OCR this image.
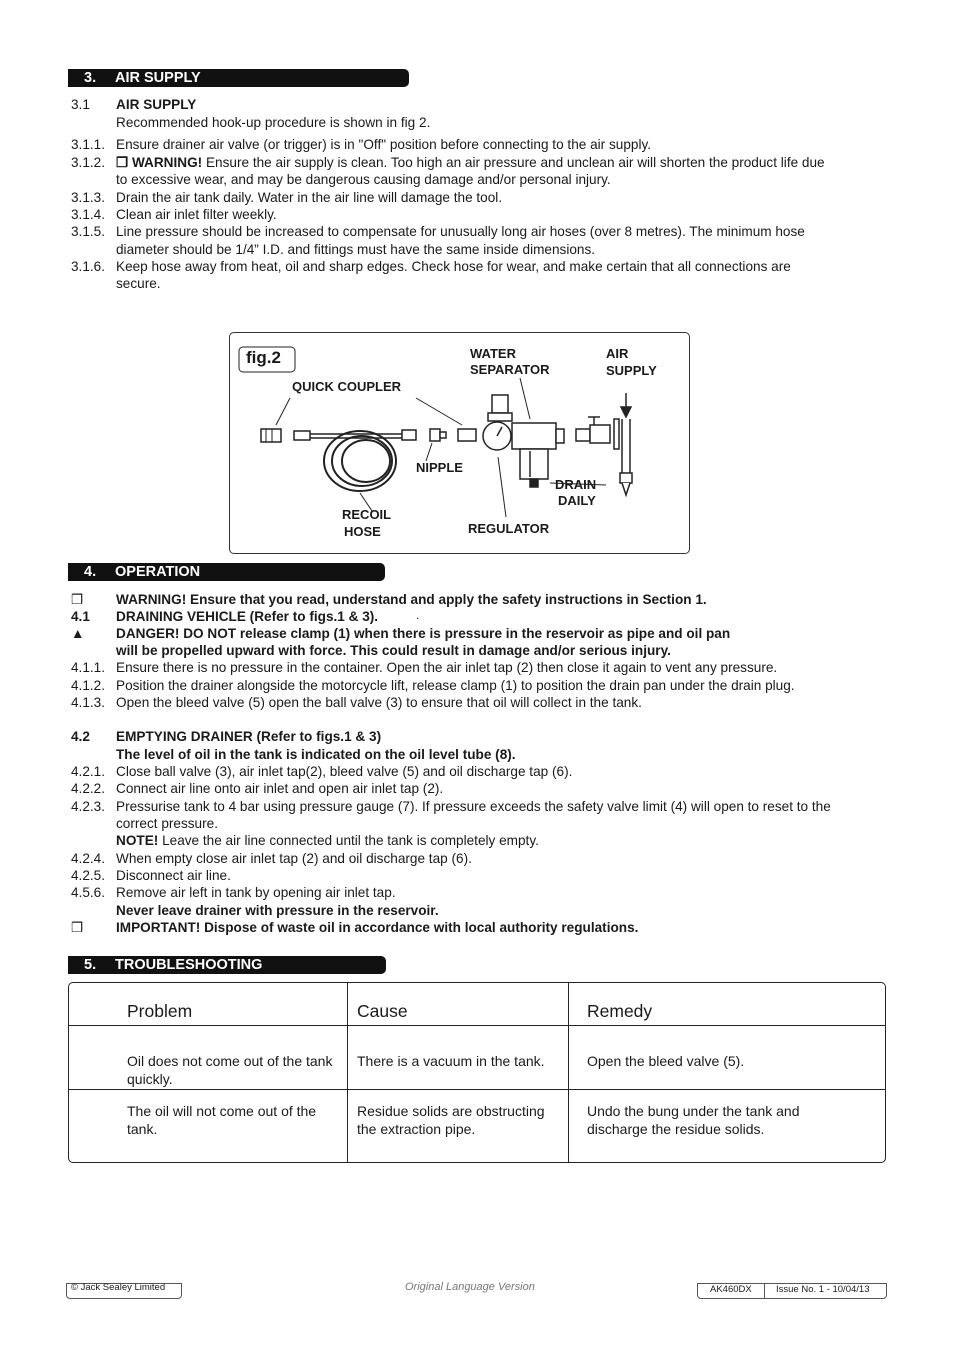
3. AIR SUPPLY
3.1 AIR SUPPLY
Recommended hook-up procedure is shown in fig 2.
3.1.1. Ensure drainer air valve (or trigger) is in "Off" position before connecting to the air supply.
3.1.2. ❒ WARNING! Ensure the air supply is clean. Too high an air pressure and unclean air will shorten the product life due
to excessive wear, and may be dangerous causing damage and/or personal injury.
3.1.3. Drain the air tank daily. Water in the air line will damage the tool.
3.1.4. Clean air inlet filter weekly.
3.1.5. Line pressure should be increased to compensate for unusually long air hoses (over 8 metres). The minimum hose
diameter should be 1/4” I.D. and fittings must have the same inside dimensions.
3.1.6. Keep hose away from heat, oil and sharp edges. Check hose for wear, and make certain that all connections are
secure.
fig.2
QUICK COUPLER
WATER
SEPARATOR
AIR
SUPPLY
NIPPLE
DRAIN
DAILY
RECOIL
HOSE	REGULATOR
4. OPERATION
❒ WARNING! Ensure that you read, understand and apply the safety instructions in Section 1.
4.1 DRAINING VEHICLE (Refer to figs.1 & 3).
▲ DANGER! DO NOT release clamp (1) when there is pressure in the reservoir as pipe and oil pan
will be propelled upward with force. This could result in damage and/or serious injury.
4.1.1. Ensure there is no pressure in the container. Open the air inlet tap (2) then close it again to vent any pressure.
4.1.2. Position the drainer alongside the motorcycle lift, release clamp (1) to position the drain pan under the drain plug.
4.1.3. Open the bleed valve (5) open the ball valve (3) to ensure that oil will collect in the tank.
4.2 EMPTYING DRAINER (Refer to figs.1 & 3)
The level of oil in the tank is indicated on the oil level tube (8).
4.2.1. Close ball valve (3), air inlet tap(2), bleed valve (5) and oil discharge tap (6).
4.2.2. Connect air line onto air inlet and open air inlet tap (2).
4.2.3. Pressurise tank to 4 bar using pressure gauge (7). If pressure exceeds the safety valve limit (4) will open to reset to the
correct pressure.
NOTE! Leave the air line connected until the tank is completely empty.
4.2.4. When empty close air inlet tap (2) and oil discharge tap (6).
4.2.5. Disconnect air line.
4.5.6. Remove air left in tank by opening air inlet tap.
Never leave drainer with pressure in the reservoir.
❒ IMPORTANT! Dispose of waste oil in accordance with local authority regulations.
.
5. TROUBLESHOOTING
Problem	Cause	Remedy

Oil does not come out of the tank quickly.	There is a vacuum in the tank.	Open the bleed valve (5).

The oil will not come out of the tank.	Residue solids are obstructing the extraction pipe.	Undo the bung under the tank and discharge the residue solids.
© Jack Sealey Limited	Original Language Version	AK460DX	Issue No. 1 - 10/04/13
